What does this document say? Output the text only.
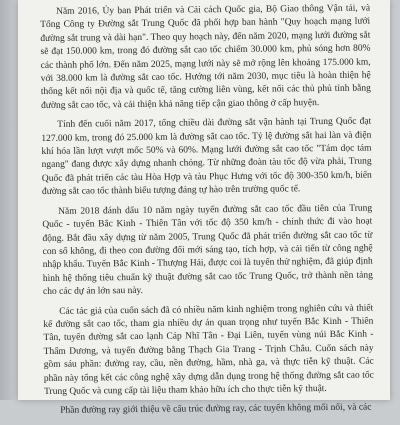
Năm 2016, Ủy ban Phát triển và Cải cách Quốc gia, Bộ Giao thông Vận tải, và Tổng Công ty Đường sắt Trung Quốc đã phối hợp ban hành "Quy hoạch mạng lưới đường sắt trung và dài hạn". Theo quy hoạch này, đến năm 2020, mạng lưới đường sắt sẽ đạt 150.000 km, trong đó đường sắt cao tốc chiếm 30.000 km, phủ sóng hơn 80% các thành phố lớn. Đến năm 2025, mạng lưới này sẽ mở rộng lên khoảng 175.000 km, với 38.000 km là đường sắt cao tốc. Hướng tới năm 2030, mục tiêu là hoàn thiện hệ thống kết nối nội địa và quốc tế, tăng cường liên vùng, kết nối các thủ phủ tỉnh bằng đường sắt cao tốc, và cải thiện khả năng tiếp cận giao thông ở cấp huyện.

Tính đến cuối năm 2017, tổng chiều dài đường sắt vận hành tại Trung Quốc đạt 127.000 km, trong đó 25.000 km là đường sắt cao tốc. Tỷ lệ đường sắt hai làn và điện khí hóa lần lượt vượt mốc 50% và 60%. Mạng lưới đường sắt cao tốc "Tám dọc tám ngang" đang được xây dựng nhanh chóng. Từ những đoàn tàu tốc độ vừa phải, Trung Quốc đã phát triển các tàu Hòa Hợp và tàu Phục Hưng với tốc độ 300-350 km/h, biến đường sắt cao tốc thành biểu tượng đáng tự hào trên trường quốc tế.

Năm 2018 đánh dấu 10 năm ngày tuyến đường sắt cao tốc đầu tiên của Trung Quốc - tuyến Bắc Kinh - Thiên Tân với tốc độ 350 km/h - chính thức đi vào hoạt động. Bắt đầu xây dựng từ năm 2005, Trung Quốc đã phát triển đường sắt cao tốc từ con số không, đi theo con đường đổi mới sáng tạo, tích hợp, và cải tiến từ công nghệ nhập khẩu. Tuyến Bắc Kinh - Thượng Hải, được coi là tuyến thử nghiệm, đã giúp định hình hệ thống tiêu chuẩn kỹ thuật đường sắt cao tốc Trung Quốc, trở thành nền tảng cho các dự án lớn sau này.

Các tác giả của cuốn sách đã có nhiều năm kinh nghiệm trong nghiên cứu và thiết kế đường sắt cao tốc, tham gia nhiều dự án quan trọng như tuyến Bắc Kinh - Thiên Tân, tuyến đường sắt cao lạnh Cáp Nhĩ Tân - Đại Liên, tuyến vùng núi Bắc Kinh - Thẩm Dương, và tuyến đường bằng Thạch Gia Trang - Trịnh Châu. Cuốn sách này gồm sáu phần: đường ray, cầu, nền đường, hầm, nhà ga, và thực tiễn kỹ thuật. Các phần này tổng kết các công nghệ xây dựng dẫn dụng trong hệ thống đường sắt cao tốc Trung Quốc và cung cấp tài liệu tham khảo hữu ích cho thực tiễn kỹ thuật.

Phần đường ray giới thiệu về cấu trúc đường ray, các tuyến không mối nối, và các
